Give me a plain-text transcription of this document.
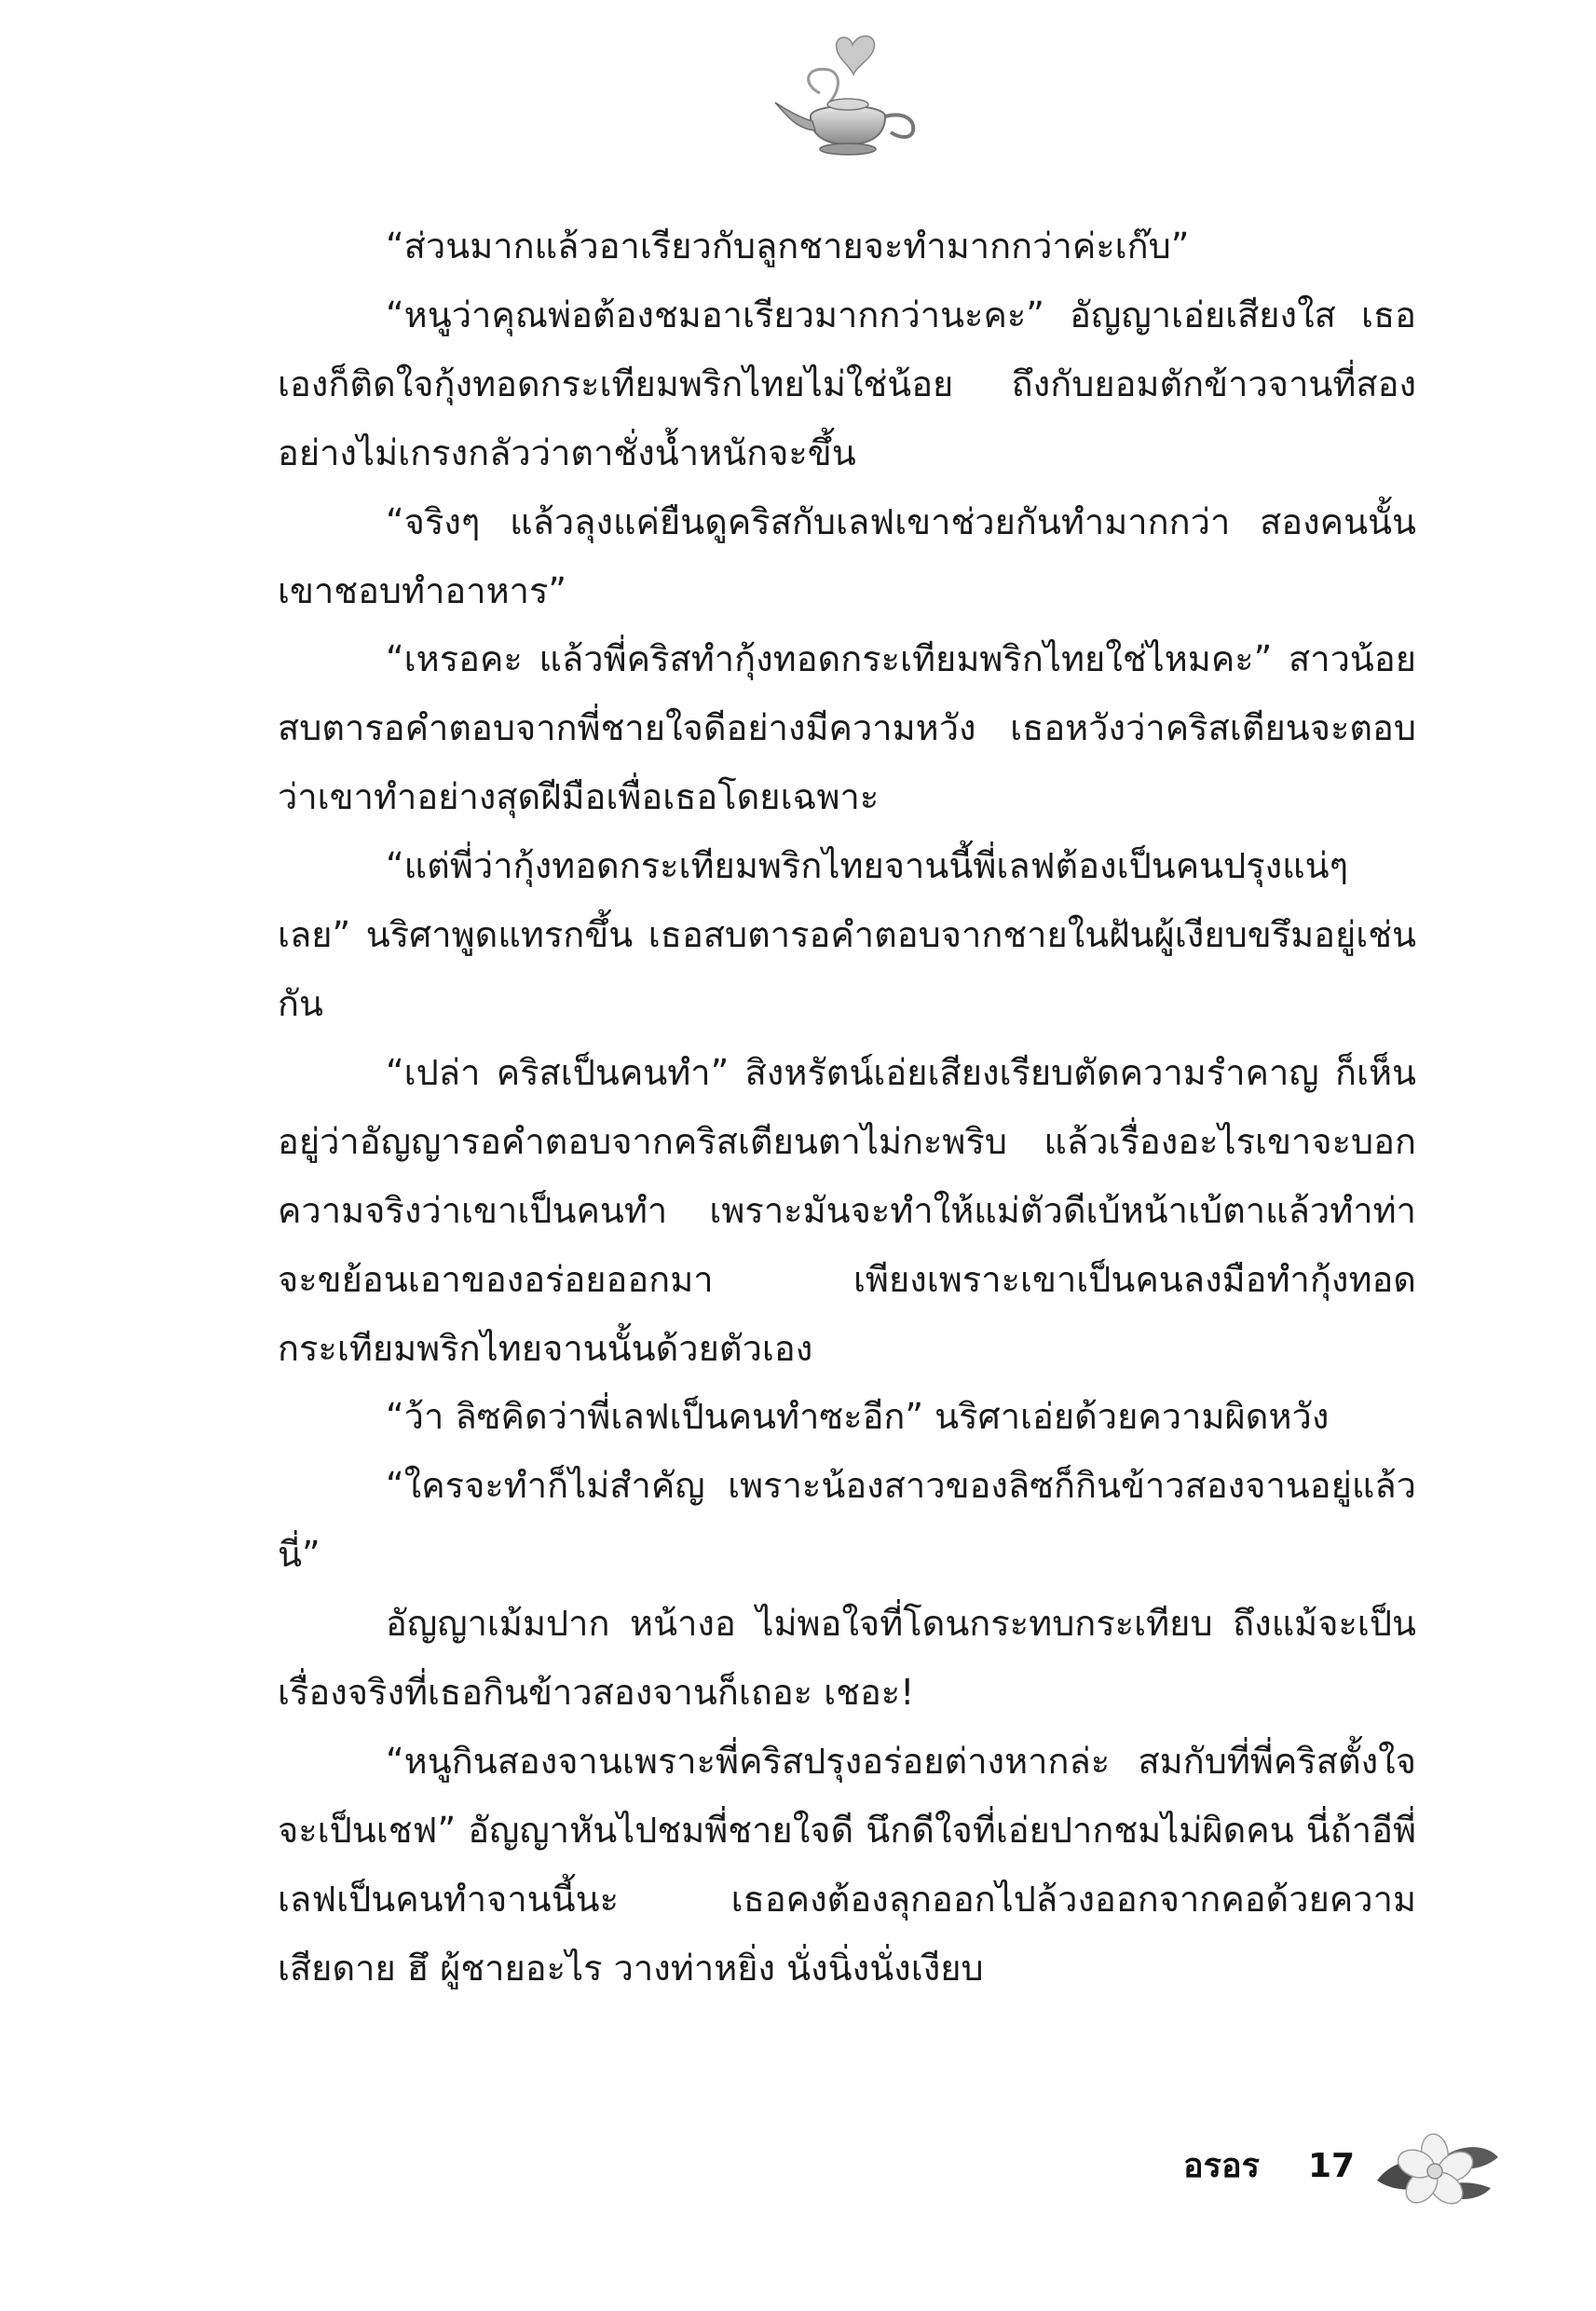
“ส่วนมากแล้วอาเรียวกับลูกชายจะทำมากกว่าค่ะเก๊บ”

“หนูว่าคุณพ่อต้องชมอาเรียวมากกว่านะคะ” อัญญาเอ่ยเสียงใส เธอเองก็ติดใจกุ้งทอดกระเทียมพริกไทยไม่ใช่น้อย ถึงกับยอมตักข้าวจานที่สองอย่างไม่เกรงกลัวว่าตาชั่งน้ำหนักจะขึ้น

“จริงๆ แล้วลุงแค่ยืนดูคริสกับเลฟเขาช่วยกันทำมากกว่า สองคนนั้นเขาชอบทำอาหาร”

“เหรอคะ แล้วพี่คริสทำกุ้งทอดกระเทียมพริกไทยใช่ไหมคะ” สาวน้อยสบตารอคำตอบจากพี่ชายใจดีอย่างมีความหวัง เธอหวังว่าคริสเตียนจะตอบว่าเขาทำอย่างสุดฝีมือเพื่อเธอโดยเฉพาะ

“แต่พี่ว่ากุ้งทอดกระเทียมพริกไทยจานนี้พี่เลฟต้องเป็นคนปรุงแน่ๆ เลย” นริศาพูดแทรกขึ้น เธอสบตารอคำตอบจากชายในฝันผู้เงียบขรึมอยู่เช่นกัน

“เปล่า คริสเป็นคนทำ” สิงหรัตน์เอ่ยเสียงเรียบตัดความรำคาญ ก็เห็นอยู่ว่าอัญญารอคำตอบจากคริสเตียนตาไม่กะพริบ แล้วเรื่องอะไรเขาจะบอกความจริงว่าเขาเป็นคนทำ เพราะมันจะทำให้แม่ตัวดีเบ้หน้าเบ้ตาแล้วทำท่าจะขย้อนเอาของอร่อยออกมา เพียงเพราะเขาเป็นคนลงมือทำกุ้งทอดกระเทียมพริกไทยจานนั้นด้วยตัวเอง

“ว้า ลิซคิดว่าพี่เลฟเป็นคนทำซะอีก” นริศาเอ่ยด้วยความผิดหวัง

“ใครจะทำก็ไม่สำคัญ เพราะน้องสาวของลิซก็กินข้าวสองจานอยู่แล้วนี่”

อัญญาเม้มปาก หน้างอ ไม่พอใจที่โดนกระทบกระเทียบ ถึงแม้จะเป็นเรื่องจริงที่เธอกินข้าวสองจานก็เถอะ เชอะ!

“หนูกินสองจานเพราะพี่คริสปรุงอร่อยต่างหากล่ะ สมกับที่พี่คริสตั้งใจจะเป็นเชฟ” อัญญาหันไปชมพี่ชายใจดี นึกดีใจที่เอ่ยปากชมไม่ผิดคน นี่ถ้าอีพี่เลฟเป็นคนทำจานนี้นะ เธอคงต้องลุกออกไปล้วงออกจากคอด้วยความเสียดาย ฮึ ผู้ชายอะไร วางท่าหยิ่ง นั่งนิ่งนั่งเงียบ

อรอร 17
